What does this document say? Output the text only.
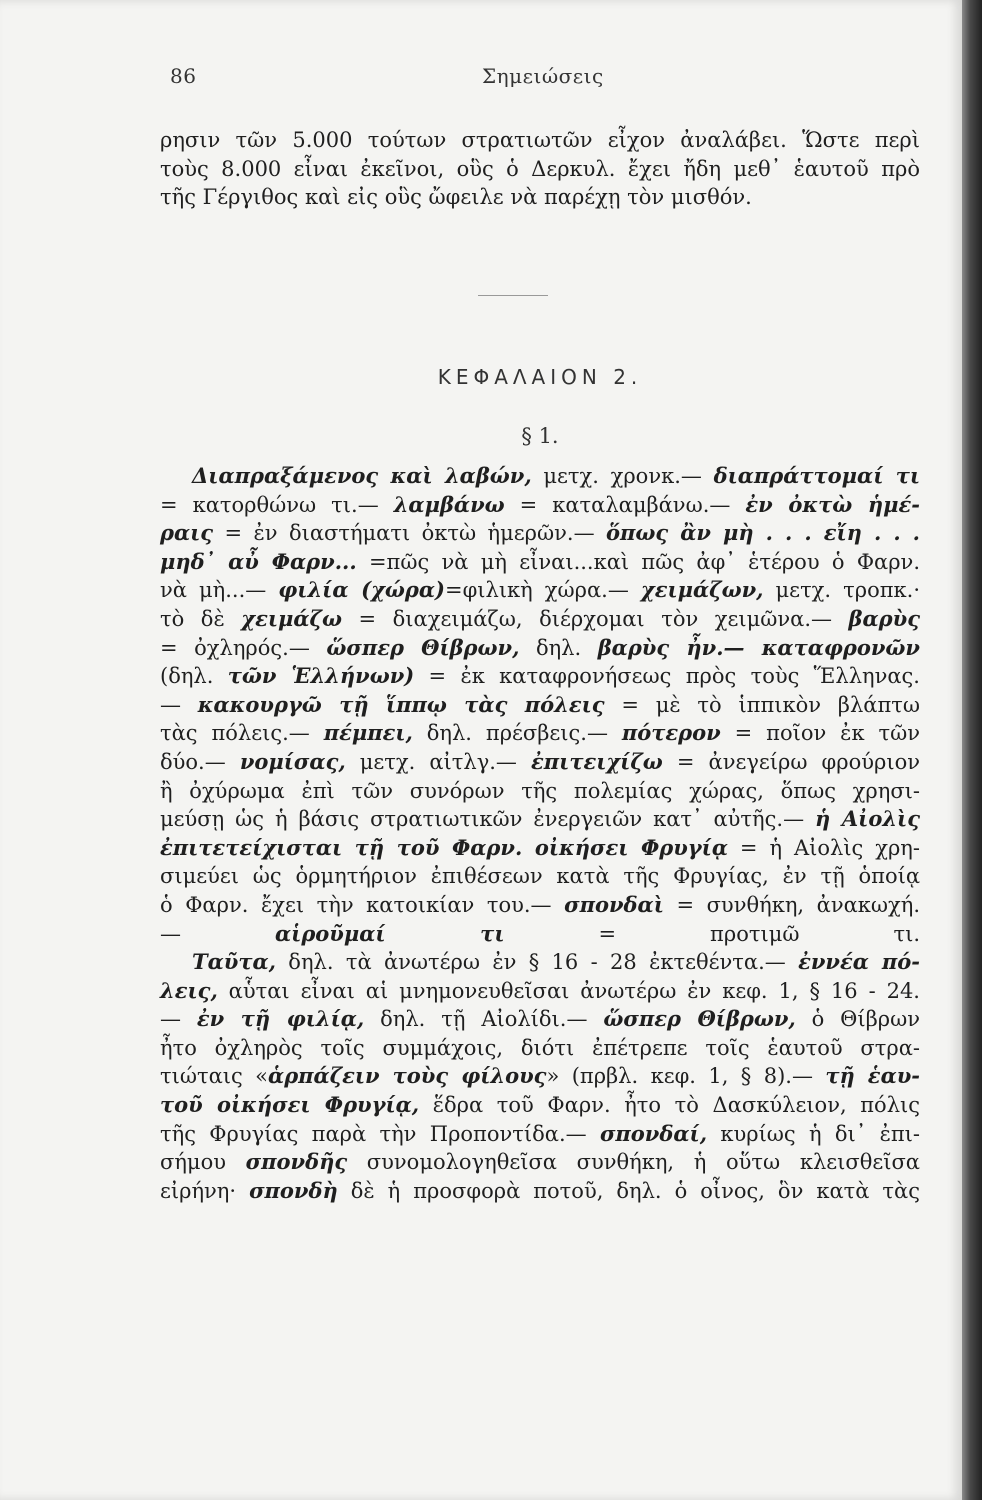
86	Σημειώσεις
ρησιν τῶν 5.000 τούτων στρατιωτῶν εἶχον ἀναλάβει. Ὥστε περὶ
τοὺς 8.000 εἶναι ἐκεῖνοι, οὓς ὁ Δερκυλ. ἔχει ἤδη μεθ᾽ ἑαυτοῦ πρὸ
τῆς Γέργιθος καὶ εἰς οὓς ὤφειλε νὰ παρέχῃ τὸν μισθόν.
ΚΕΦΑΛΑΙΟΝ 2.
§ 1.
Διαπραξάμενος καὶ λαβών, μετχ. χρονκ.— διαπράττομαί τι
= κατορθώνω τι.— λαμβάνω = καταλαμβάνω.— ἐν ὀκτὼ ἡμέ-
ραις = ἐν διαστήματι ὀκτὼ ἡμερῶν.— ὅπως ἂν μὴ . . . εἴη . . .
μηδ᾽ αὖ Φαρν... =πῶς νὰ μὴ εἶναι...καὶ πῶς ἀφ᾽ ἑτέρου ὁ Φαρν.
νὰ μὴ...— φιλία (χώρα)=φιλικὴ χώρα.— χειμάζων, μετχ. τροπκ.·
τὸ δὲ χειμάζω = διαχειμάζω, διέρχομαι τὸν χειμῶνα.— βαρὺς
= ὀχληρός.— ὥσπερ Θίβρων, δηλ. βαρὺς ἦν.— καταφρονῶν
(δηλ. τῶν Ἑλλήνων) = ἐκ καταφρονήσεως πρὸς τοὺς Ἕλληνας.
— κακουργῶ τῇ ἵππῳ τὰς πόλεις = μὲ τὸ ἱππικὸν βλάπτω
τὰς πόλεις.— πέμπει, δηλ. πρέσβεις.— πότερον = ποῖον ἐκ τῶν
δύο.— νομίσας, μετχ. αἰτλγ.— ἐπιτειχίζω = ἀνεγείρω φρούριον
ἢ ὀχύρωμα ἐπὶ τῶν συνόρων τῆς πολεμίας χώρας, ὅπως χρησι-
μεύσῃ ὡς ἡ βάσις στρατιωτικῶν ἐνεργειῶν κατ᾽ αὐτῆς.— ἡ Αἰολὶς
ἐπιτετείχισται τῇ τοῦ Φαρν. οἰκήσει Φρυγίᾳ = ἡ Αἰολὶς χρη-
σιμεύει ὡς ὁρμητήριον ἐπιθέσεων κατὰ τῆς Φρυγίας, ἐν τῇ ὁποίᾳ
ὁ Φαρν. ἔχει τὴν κατοικίαν του.— σπονδαὶ = συνθήκη, ἀνακωχή.
— αἱροῦμαί τι = προτιμῶ τι.
Ταῦτα, δηλ. τὰ ἀνωτέρω ἐν § 16 - 28 ἐκτεθέντα.— ἐννέα πό-
λεις, αὗται εἶναι αἱ μνημονευθεῖσαι ἀνωτέρω ἐν κεφ. 1, § 16 - 24.
— ἐν τῇ φιλίᾳ, δηλ. τῇ Αἰολίδι.— ὥσπερ Θίβρων, ὁ Θίβρων
ἦτο ὀχληρὸς τοῖς συμμάχοις, διότι ἐπέτρεπε τοῖς ἑαυτοῦ στρα-
τιώταις «ἁρπάζειν τοὺς φίλους» (πρβλ. κεφ. 1, § 8).— τῇ ἑαυ-
τοῦ οἰκήσει Φρυγίᾳ, ἕδρα τοῦ Φαρν. ἦτο τὸ Δασκύλειον, πόλις
τῆς Φρυγίας παρὰ τὴν Προποντίδα.— σπονδαί, κυρίως ἡ δι᾽ ἐπι-
σήμου σπονδῆς συνομολογηθεῖσα συνθήκη, ἡ οὕτω κλεισθεῖσα
εἰρήνη· σπονδὴ δὲ ἡ προσφορὰ ποτοῦ, δηλ. ὁ οἶνος, ὃν κατὰ τὰς
